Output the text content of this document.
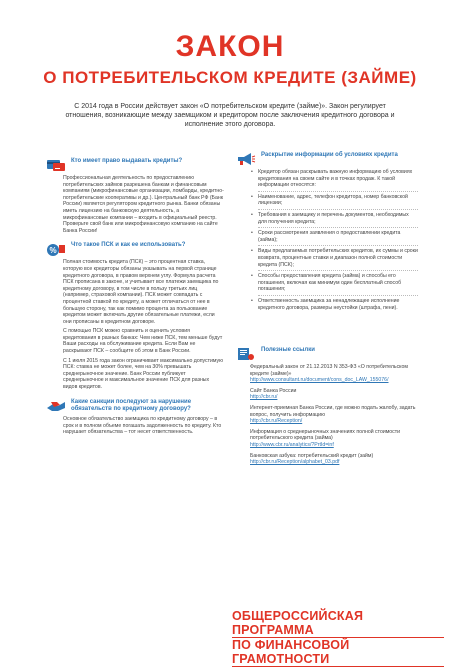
ЗАКОН
О ПОТРЕБИТЕЛЬСКОМ КРЕДИТЕ (ЗАЙМЕ)
С 2014 года в России действует закон «О потребительском кредите (займе)». Закон регулирует отношения, возникающие между заемщиком и кредитором после заключения кредитного договора и исполнение этого договора.
Кто имеет право выдавать кредиты?

Профессиональная деятельность по предоставлению потребительских займов разрешена банкам и финансовым компаниям (микрофинансовые организации, ломбарды, кредитно-потребительские кооперативы и др.). Центральный банк РФ (Банк России) является регулятором кредитного рынка. Банки обязаны иметь лицензию на банковскую деятельность, а микрофинансовые компании – входить в официальный реестр. Проверьте свой банк или микрофинансовую компанию на сайте Банка России!

%
Что такое ПСК и как ее использовать?

Полная стоимость кредита (ПСК) – это процентная ставка, которую все кредиторы обязаны указывать на первой странице кредитного договора, в правом верхнем углу. Формула расчета ПСК прописана в законе, и учитывает все платежи заемщика по кредитному договору, в том числе в пользу третьих лиц (например, страховой компании). ПСК может совпадать с процентной ставкой по кредиту, а может отличаться от нее в большую сторону, так как помимо процента за пользование кредитом может включать другие обязательные платежи, если они прописаны в кредитном договоре.

С помощью ПСК можно сравнить и оценить условия кредитования в разных банках: Чем ниже ПСК, тем меньше будут Ваши расходы на обслуживание кредита. Если Вам не раскрывают ПСК – сообщите об этом в Банк России.

С 1 июля 2015 года закон ограничивает максимально допустимую ПСК: ставка не может более, чем на 30% превышать среднерыночное значение. Банк России публикует среднерыночное и максимальное значение ПСК для разных видов кредитов.

Какие санкции последуют за нарушение обязательств по кредитному договору?

Основное обязательство заемщика по кредитному договору – в срок и в полном объеме погашать задолженность по кредиту. Кто нарушает обязательства – тот несет ответственность.

Раскрытие информации об условиях кредита
• Кредитор обязан раскрывать важную информацию об условиях кредитования на своем сайте и в точках продаж. К такой информации относятся:
• Наименование, адрес, телефон кредитора, номер банковской лицензии;
• Требования к заемщику и перечень документов, необходимых для получения кредита;
• Сроки рассмотрения заявления о предоставлении кредита (займа);
• Виды предлагаемых потребительских кредитов, их суммы и сроки возврата, процентные ставки и диапазон полной стоимости кредита (ПСК);
• Способы предоставления кредита (займа) и способы его погашения, включая как минимум один бесплатный способ погашения;
• Ответственность заемщика за ненадлежащее исполнение кредитного договора, размеры неустойки (штрафа, пени).
Полезные ссылки

Федеральный закон от 21.12.2013 N 353-ФЗ «О потребительском кредите (займе)»

http://www.consultant.ru/document/cons_doc_LAW_155076/

Сайт Банка России

http://cbr.ru/

Интернет-приемная Банка России, где можно подать жалобу, задать вопрос, получить информацию

http://cbr.ru/Reception/

Информация о среднерыночных значениях полной стоимости потребительского кредита (займа)

http://www.cbr.ru/analytics/?PrtId=inf

Банковская азбука: потребительский кредит (займ)

http://cbr.ru/Reception/alphabet_03.pdf

ОБЩЕРОССИЙСКАЯ ПРОГРАММА
ПО ФИНАНСОВОЙ ГРАМОТНОСТИ
